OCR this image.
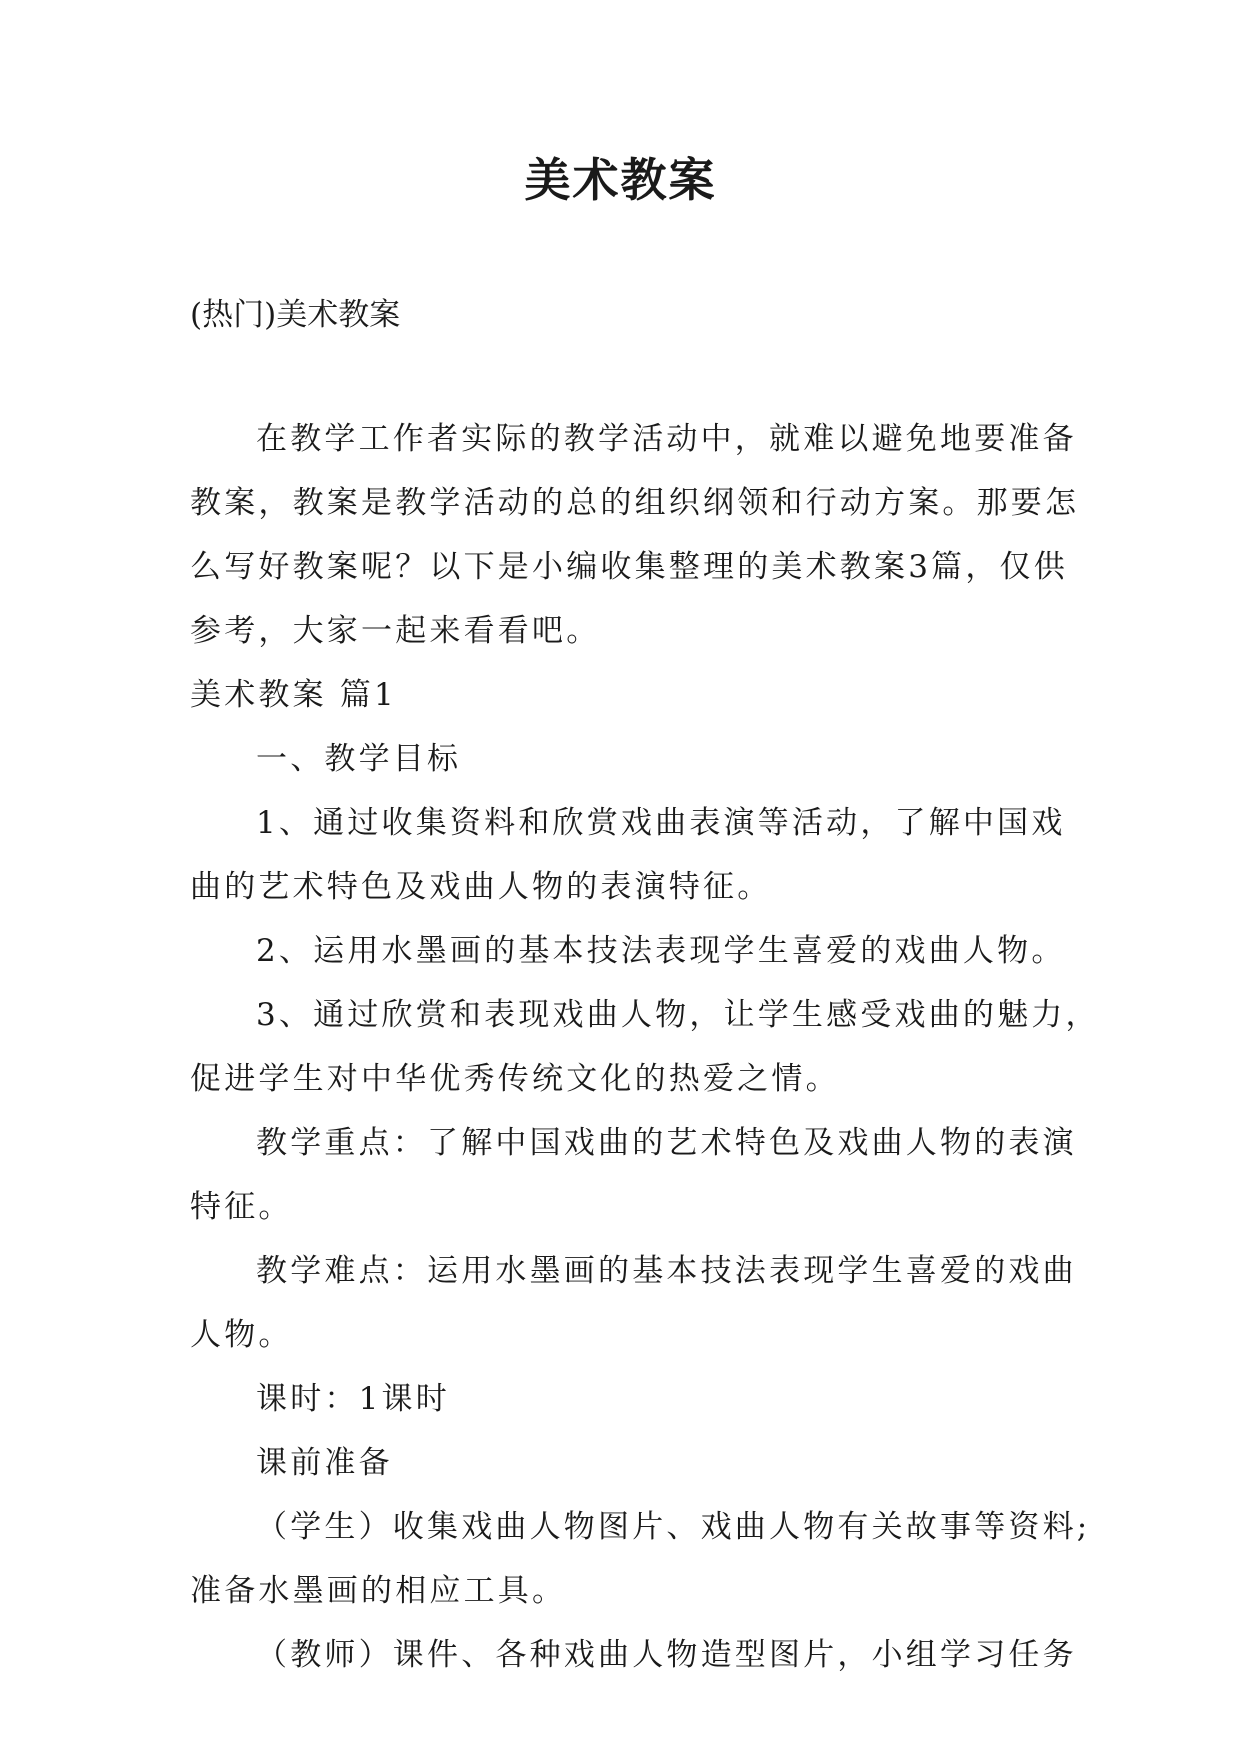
美术教案

(热门)美术教案

在教学工作者实际的教学活动中，就难以避免地要准备
教案，教案是教学活动的总的组织纲领和行动方案。那要怎
么写好教案呢？以下是小编收集整理的美术教案3篇，仅供
参考，大家一起来看看吧。
美术教案 篇1
一、教学目标
1、通过收集资料和欣赏戏曲表演等活动，了解中国戏
曲的艺术特色及戏曲人物的表演特征。
2、运用水墨画的基本技法表现学生喜爱的戏曲人物。
3、通过欣赏和表现戏曲人物，让学生感受戏曲的魅力，
促进学生对中华优秀传统文化的热爱之情。
教学重点：了解中国戏曲的艺术特色及戏曲人物的表演
特征。
教学难点：运用水墨画的基本技法表现学生喜爱的戏曲
人物。
课时：1课时
课前准备
（学生）收集戏曲人物图片、戏曲人物有关故事等资料;
准备水墨画的相应工具。
（教师）课件、各种戏曲人物造型图片，小组学习任务
